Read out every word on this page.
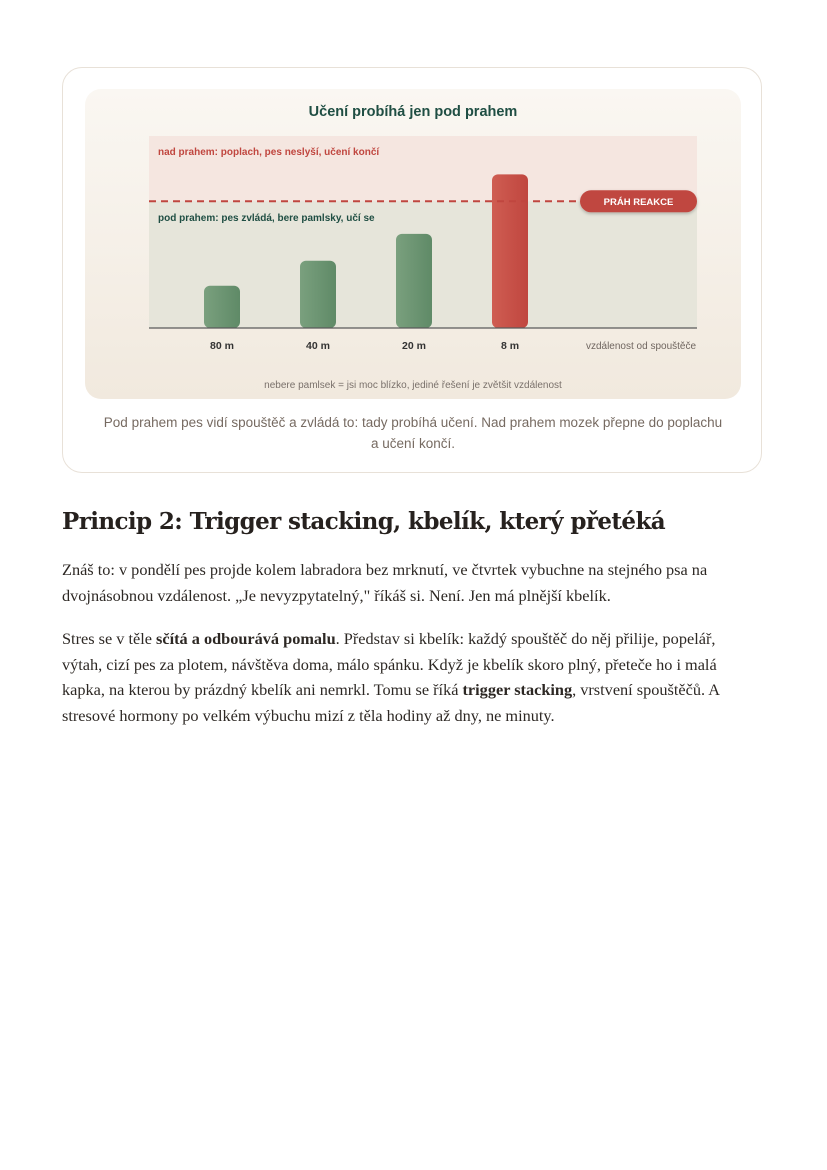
Učení probíhá jen pod prahem
nad prahem: poplach, pes neslyší, učení končí
pod prahem: pes zvládá, bere pamlsky, učí se
80 m	40 m	20 m	8 m
PRÁH REAKCE
vzdálenost od spouštěče
nebere pamlsek = jsi moc blízko, jediné řešení je zvětšit vzdálenost
Pod prahem pes vidí spouštěč a zvládá to: tady probíhá učení. Nad prahem mozek přepne do poplachu a učení končí.
Princip 2: Trigger stacking, kbelík, který přetéká

Znáš to: v pondělí pes projde kolem labradora bez mrknutí, ve čtvrtek vybuchne na stejného psa na dvojnásobnou vzdálenost. „Je nevyzpytatelný," říkáš si. Není. Jen má plnější kbelík.

Stres se v těle sčítá a odbourává pomalu. Představ si kbelík: každý spouštěč do něj přilije, popelář, výtah, cizí pes za plotem, návštěva doma, málo spánku. Když je kbelík skoro plný, přeteče ho i malá kapka, na kterou by prázdný kbelík ani nemrkl. Tomu se říká trigger stacking, vrstvení spouštěčů. A stresové hormony po velkém výbuchu mizí z těla hodiny až dny, ne minuty.
